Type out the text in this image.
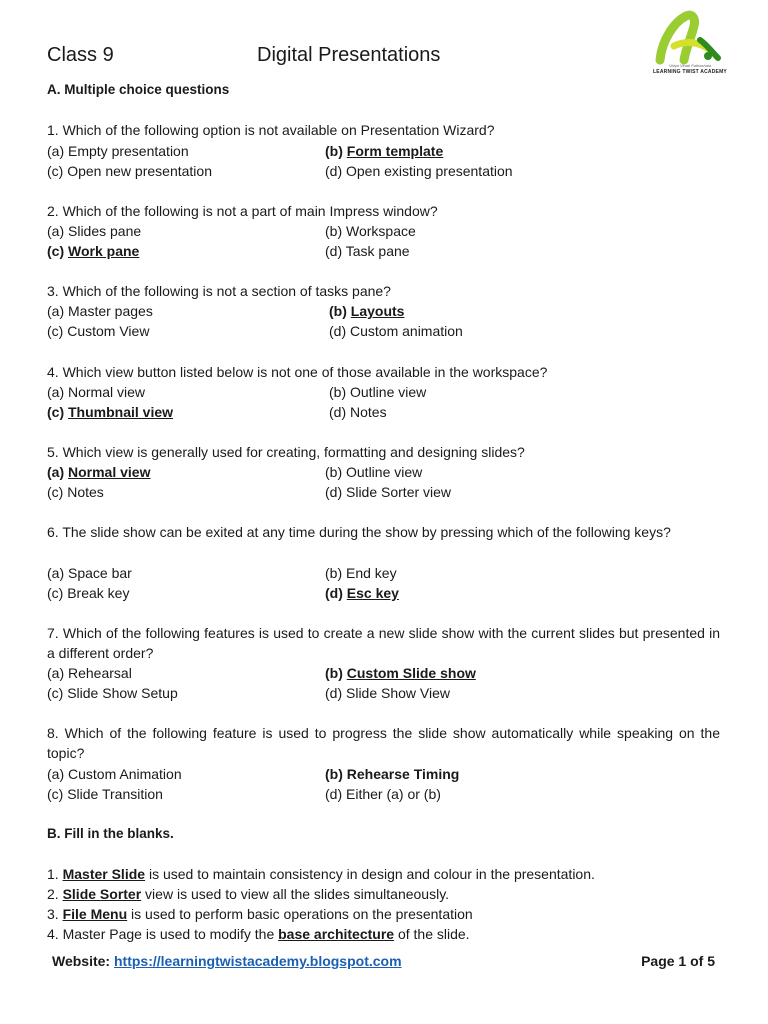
Class 9	Digital Presentations	Vidya Vinati Pathashala
LEARNING TWIST ACADEMY
A. Multiple choice questions
1. Which of the following option is not available on Presentation Wizard?
(a) Empty presentation	(b) Form template
(c) Open new presentation	(d) Open existing presentation
2. Which of the following is not a part of main Impress window?
(a) Slides pane	(b) Workspace
(c) Work pane	(d) Task pane
3. Which of the following is not a section of tasks pane?
(a) Master pages	(b) Layouts
(c) Custom View	(d) Custom animation
4. Which view button listed below is not one of those available in the workspace?
(a) Normal view	(b) Outline view
(c) Thumbnail view	(d) Notes
5. Which view is generally used for creating, formatting and designing slides?
(a) Normal view	(b) Outline view
(c) Notes	(d) Slide Sorter view
6. The slide show can be exited at any time during the show by pressing which of the following keys?
(a) Space bar	(b) End key
(c) Break key	(d) Esc key
7. Which of the following features is used to create a new slide show with the current slides but presented in a different order?
(a) Rehearsal	(b) Custom Slide show
(c) Slide Show Setup	(d) Slide Show View
8. Which of the following feature is used to progress the slide show automatically while speaking on the topic?
(a) Custom Animation	(b) Rehearse Timing
(c) Slide Transition	(d) Either (a) or (b)
B. Fill in the blanks.
1. Master Slide is used to maintain consistency in design and colour in the presentation.
2. Slide Sorter view is used to view all the slides simultaneously.
3. File Menu is used to perform basic operations on the presentation
4. Master Page is used to modify the base architecture of the slide.
Website: https://learningtwistacademy.blogspot.com	Page 1 of 5
